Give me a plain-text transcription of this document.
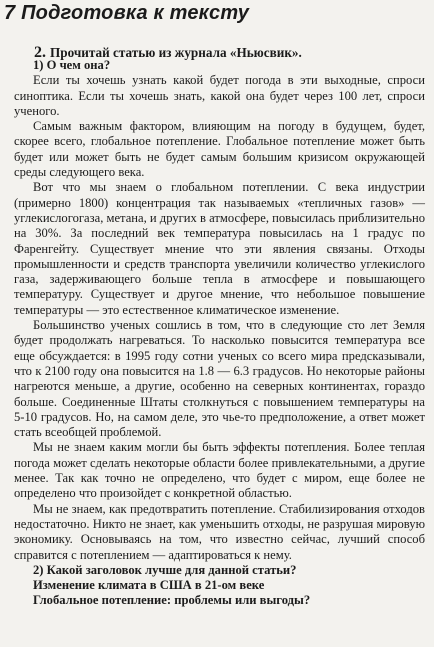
7 Подготовка к тексту
2. Прочитай статью из журнала «Ньюсвик».
1) О чем она?

Если ты хочешь узнать какой будет погода в эти выходные, спроси синоптика. Если ты хочешь знать, какой она будет через 100 лет, спроси ученого.

Самым важным фактором, влияющим на погоду в будущем, будет, скорее всего, глобальное потепление. Глобальное потепление может быть будет или может быть не будет самым большим кризисом окружающей среды следующего века.

Вот что мы знаем о глобальном потеплении. С века индустрии (примерно 1800) концентрация так называемых «тепличных газов» — углекислогогаза, метана, и других в атмосфере, повысилась приблизительно на 30%. За последний век температура повысилась на 1 градус по Фаренгейту. Существует мнение что эти явления связаны. Отходы промышленности и средств транспорта увеличили количество углекислого газа, задерживающего больше тепла в атмосфере и повышающего температуру. Существует и другое мнение, что небольшое повышение температуры — это естественное климатическое изменение.

Большинство ученых сошлись в том, что в следующие сто лет Земля будет продолжать нагреваться. То насколько повысится температура все еще обсуждается: в 1995 году сотни ученых со всего мира предсказывали, что к 2100 году она повысится на 1.8 — 6.3 градусов. Но некоторые районы нагреются меньше, а другие, особенно на северных континентах, гораздо больше. Соединенные Штаты столкнуться с повышением температуры на 5-10 градусов. Но, на самом деле, это чье-то предположение, а ответ может стать всеобщей проблемой.

Мы не знаем каким могли бы быть эффекты потепления. Более теплая погода может сделать некоторые области более привлекательными, а другие менее. Так как точно не определено, что будет с миром, еще более не определено что произойдет с конкретной областью.

Мы не знаем, как предотвратить потепление. Стабилизирования отходов недостаточно. Никто не знает, как уменьшить отходы, не разрушая мировую экономику. Основываясь на том, что известно сейчас, лучший способ справится с потеплением — адаптироваться к нему.

2) Какой заголовок лучше для данной статьи?
Изменение климата в США в 21-ом веке
Глобальное потепление: проблемы или выгоды?
